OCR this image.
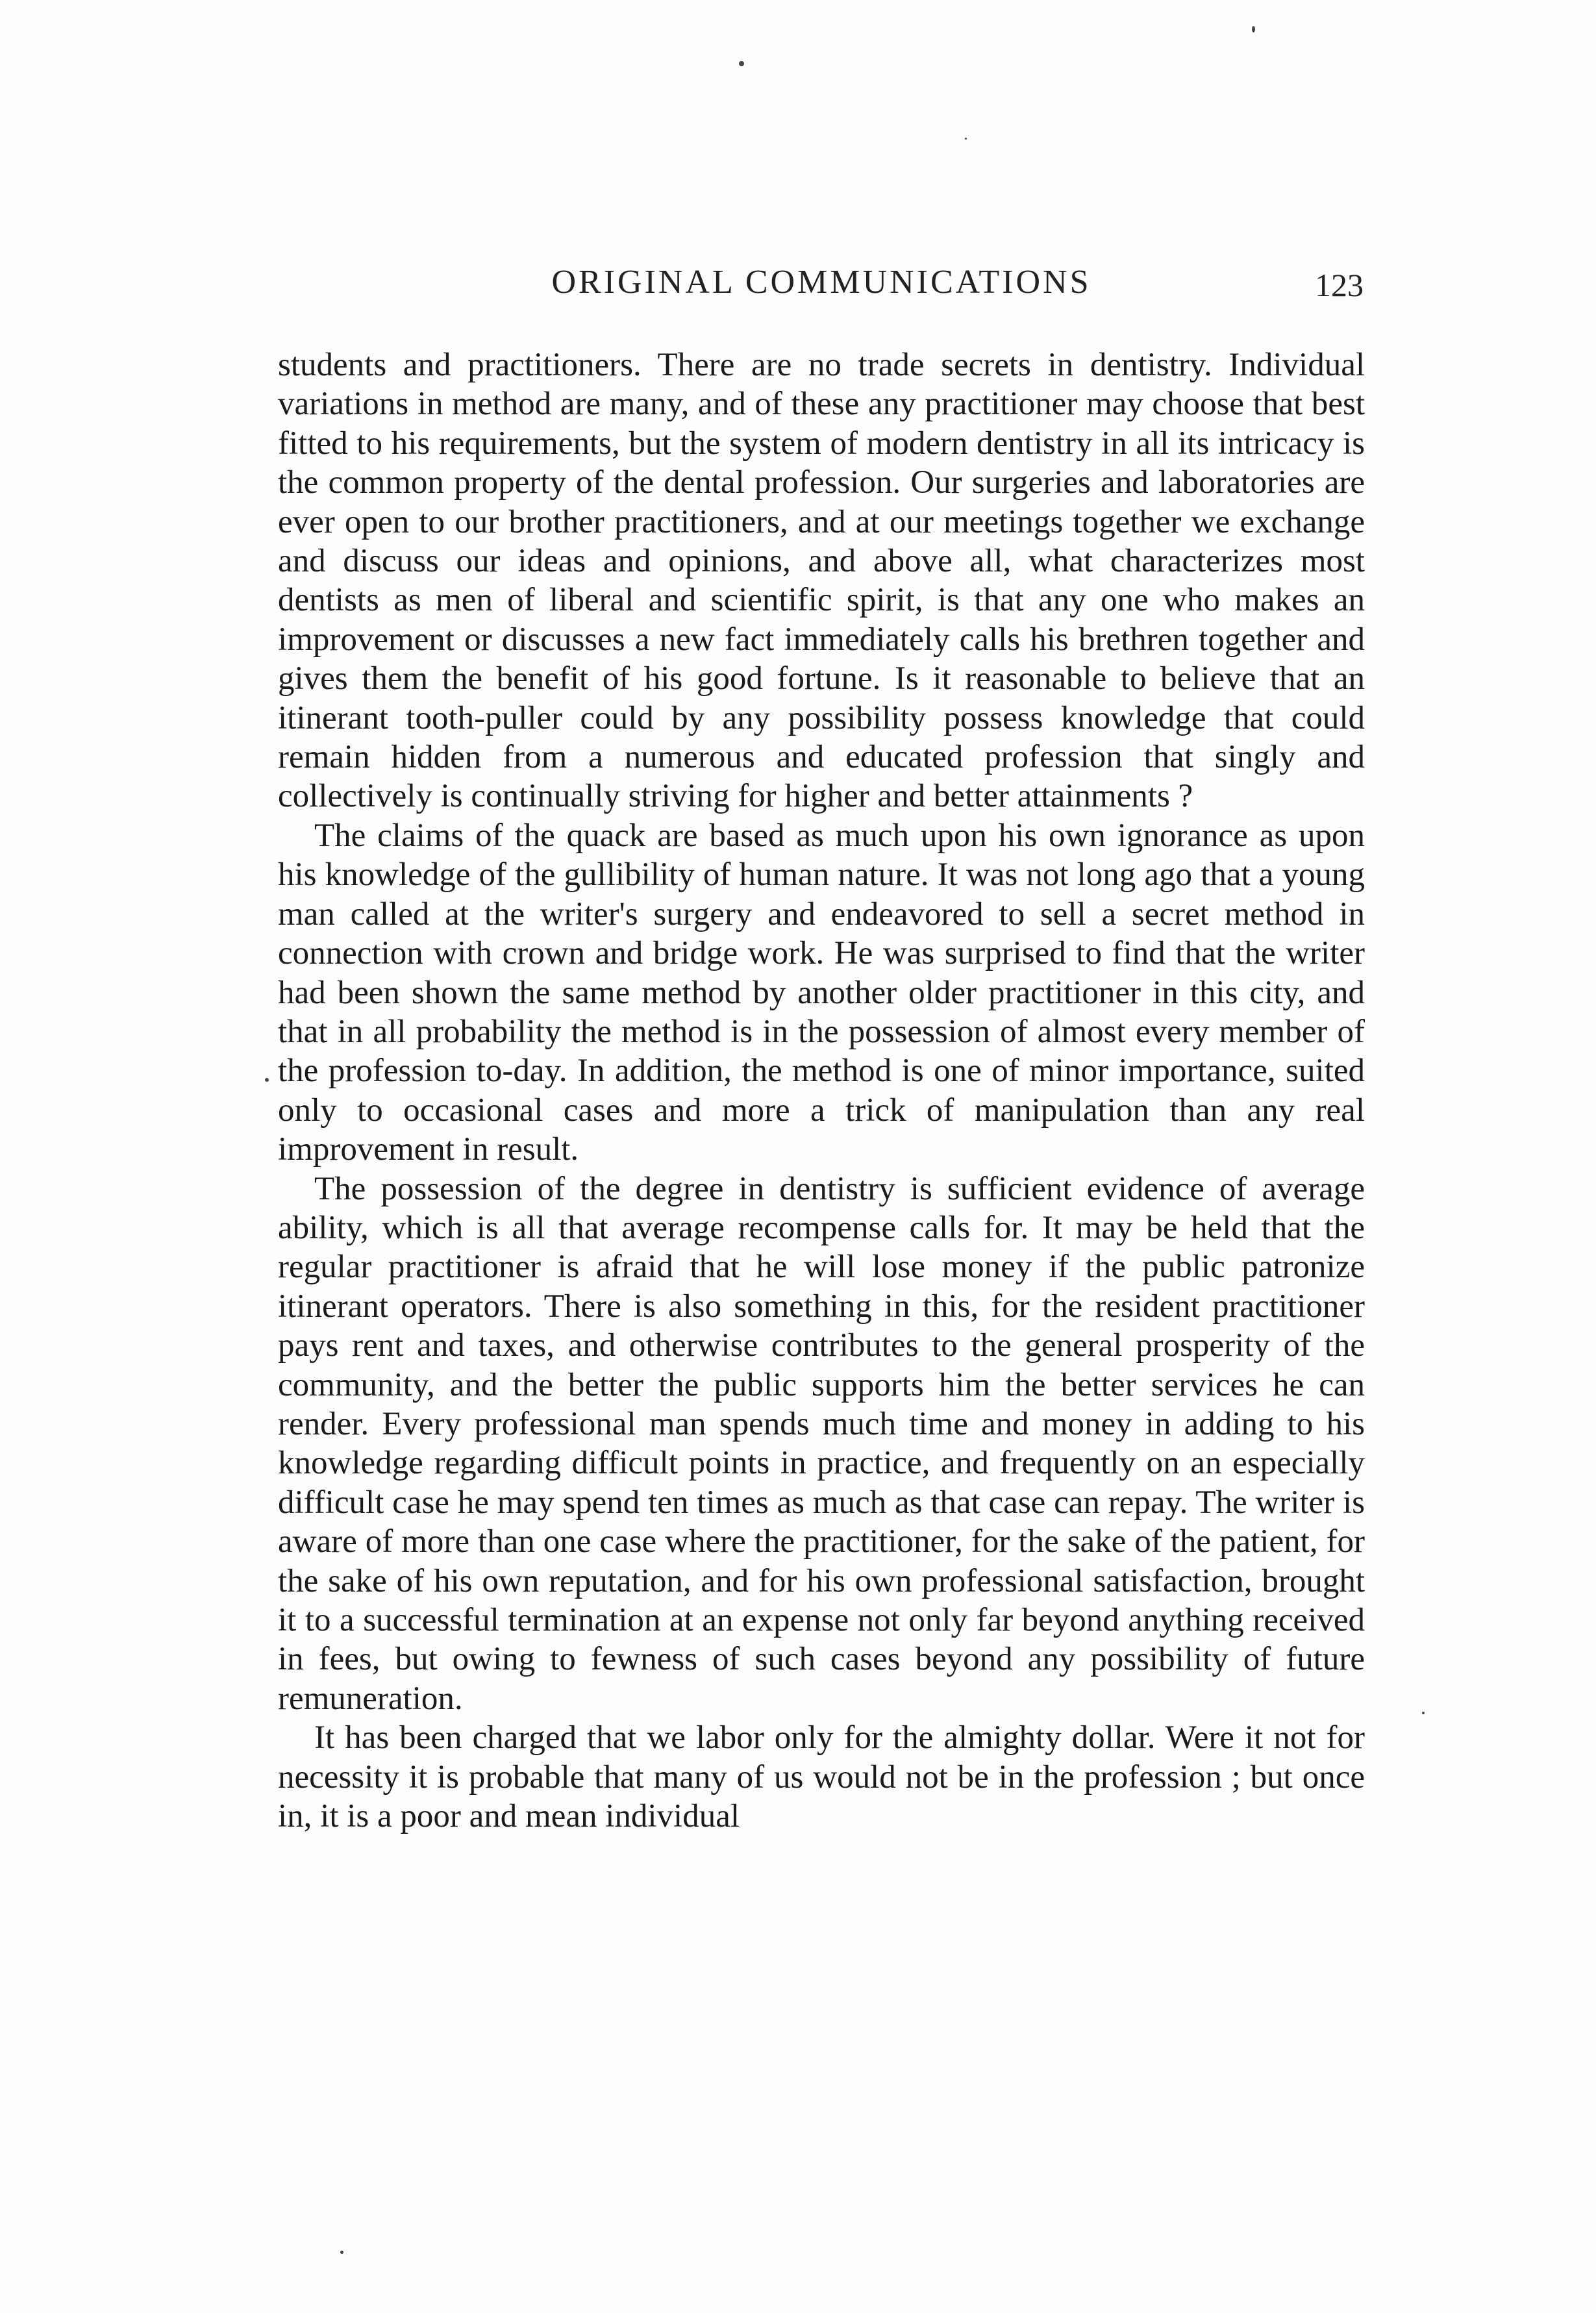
ORIGINAL COMMUNICATIONS	123

students and practitioners. There are no trade secrets in dentistry. Individual variations in method are many, and of these any practitioner may choose that best fitted to his requirements, but the system of modern dentistry in all its intricacy is the common property of the dental profession. Our surgeries and laboratories are ever open to our brother practitioners, and at our meetings together we exchange and discuss our ideas and opinions, and above all, what characterizes most dentists as men of liberal and scientific spirit, is that any one who makes an improvement or discusses a new fact immediately calls his brethren together and gives them the benefit of his good fortune. Is it reasonable to believe that an itinerant tooth-puller could by any possibility possess knowledge that could remain hidden from a numerous and educated profession that singly and collectively is continually striving for higher and better attainments ?

The claims of the quack are based as much upon his own ignorance as upon his knowledge of the gullibility of human nature. It was not long ago that a young man called at the writer's surgery and endeavored to sell a secret method in connection with crown and bridge work. He was surprised to find that the writer had been shown the same method by another older practitioner in this city, and that in all probability the method is in the possession of almost every member of the profession to-day. In addition, the method is one of minor importance, suited only to occasional cases and more a trick of manipulation than any real improvement in result.

The possession of the degree in dentistry is sufficient evidence of average ability, which is all that average recompense calls for. It may be held that the regular practitioner is afraid that he will lose money if the public patronize itinerant operators. There is also something in this, for the resident practitioner pays rent and taxes, and otherwise contributes to the general prosperity of the community, and the better the public supports him the better services he can render. Every professional man spends much time and money in adding to his knowledge regarding difficult points in practice, and frequently on an especially difficult case he may spend ten times as much as that case can repay. The writer is aware of more than one case where the practitioner, for the sake of the patient, for the sake of his own reputation, and for his own professional satisfaction, brought it to a successful termination at an expense not only far beyond anything received in fees, but owing to fewness of such cases beyond any possibility of future remuneration.

It has been charged that we labor only for the almighty dollar. Were it not for necessity it is probable that many of us would not be in the profession ; but once in, it is a poor and mean individual
